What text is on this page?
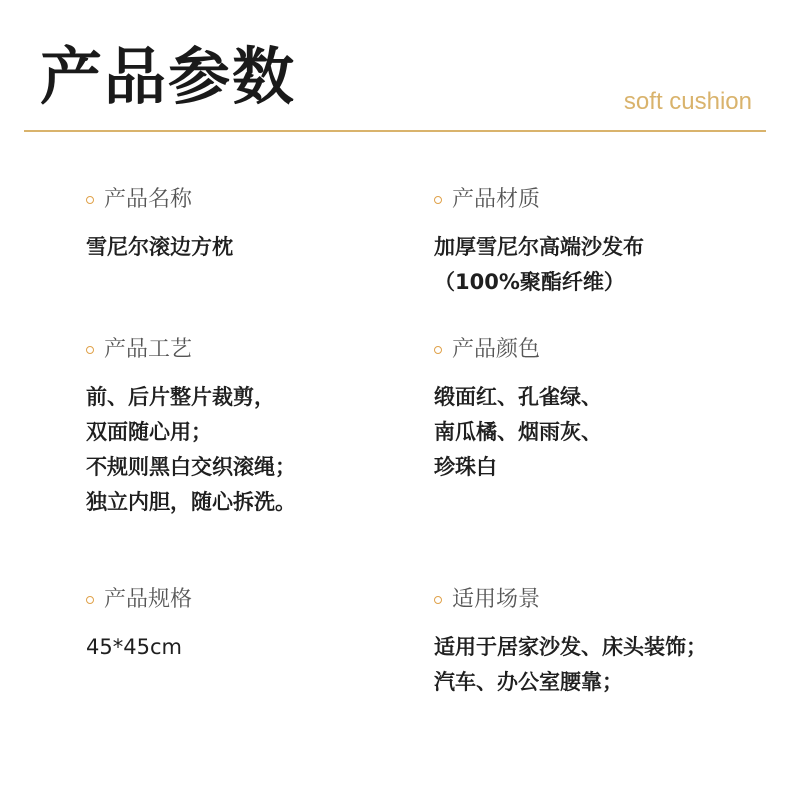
产品参数	soft cushion
产品名称
雪尼尔滚边方枕
产品材质
加厚雪尼尔高端沙发布
（100%聚酯纤维）
产品工艺
前、后片整片裁剪，
双面随心用；
不规则黑白交织滚绳；
独立内胆，随心拆洗。
产品颜色
缎面红、孔雀绿、
南瓜橘、烟雨灰、
珍珠白
产品规格
45*45cm
适用场景
适用于居家沙发、床头装饰；
汽车、办公室腰靠；
